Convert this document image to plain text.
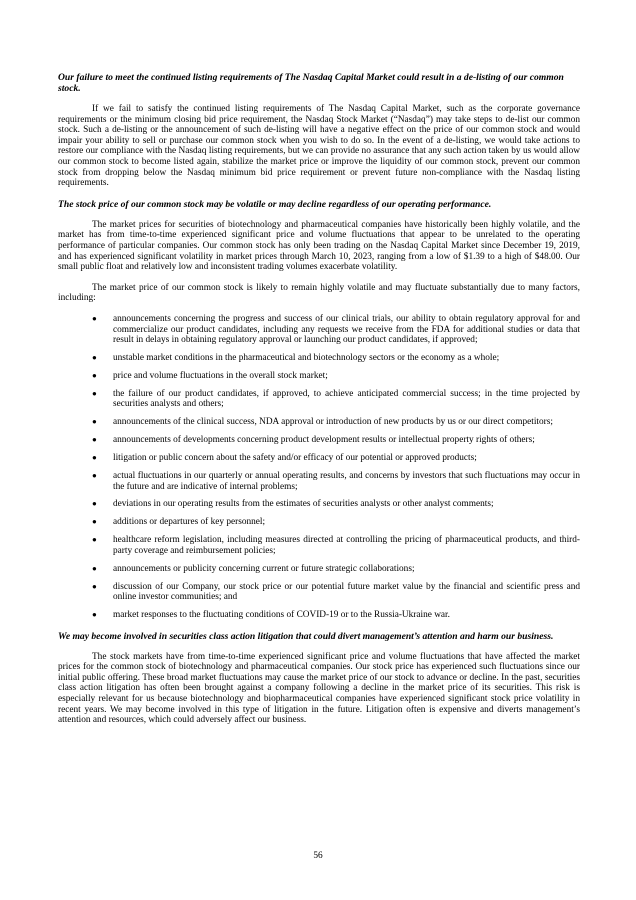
Our failure to meet the continued listing requirements of The Nasdaq Capital Market could result in a de-listing of our common stock.

If we fail to satisfy the continued listing requirements of The Nasdaq Capital Market, such as the corporate governance requirements or the minimum closing bid price requirement, the Nasdaq Stock Market (“Nasdaq”) may take steps to de-list our common stock. Such a de-listing or the announcement of such de-listing will have a negative effect on the price of our common stock and would impair your ability to sell or purchase our common stock when you wish to do so. In the event of a de-listing, we would take actions to restore our compliance with the Nasdaq listing requirements, but we can provide no assurance that any such action taken by us would allow our common stock to become listed again, stabilize the market price or improve the liquidity of our common stock, prevent our common stock from dropping below the Nasdaq minimum bid price requirement or prevent future non-compliance with the Nasdaq listing requirements.

The stock price of our common stock may be volatile or may decline regardless of our operating performance.

The market prices for securities of biotechnology and pharmaceutical companies have historically been highly volatile, and the market has from time-to-time experienced significant price and volume fluctuations that appear to be unrelated to the operating performance of particular companies. Our common stock has only been trading on the Nasdaq Capital Market since December 19, 2019, and has experienced significant volatility in market prices through March 10, 2023, ranging from a low of $1.39 to a high of $48.00. Our small public float and relatively low and inconsistent trading volumes exacerbate volatility.

The market price of our common stock is likely to remain highly volatile and may fluctuate substantially due to many factors, including:

● announcements concerning the progress and success of our clinical trials, our ability to obtain regulatory approval for and commercialize our product candidates, including any requests we receive from the FDA for additional studies or data that result in delays in obtaining regulatory approval or launching our product candidates, if approved;
● unstable market conditions in the pharmaceutical and biotechnology sectors or the economy as a whole;
● price and volume fluctuations in the overall stock market;
● the failure of our product candidates, if approved, to achieve anticipated commercial success; in the time projected by securities analysts and others;
● announcements of the clinical success, NDA approval or introduction of new products by us or our direct competitors;
● announcements of developments concerning product development results or intellectual property rights of others;
● litigation or public concern about the safety and/or efficacy of our potential or approved products;
● actual fluctuations in our quarterly or annual operating results, and concerns by investors that such fluctuations may occur in the future and are indicative of internal problems;
● deviations in our operating results from the estimates of securities analysts or other analyst comments;
● additions or departures of key personnel;
● healthcare reform legislation, including measures directed at controlling the pricing of pharmaceutical products, and third-party coverage and reimbursement policies;
● announcements or publicity concerning current or future strategic collaborations;
● discussion of our Company, our stock price or our potential future market value by the financial and scientific press and online investor communities; and
● market responses to the fluctuating conditions of COVID-19 or to the Russia-Ukraine war.
We may become involved in securities class action litigation that could divert management’s attention and harm our business.

The stock markets have from time-to-time experienced significant price and volume fluctuations that have affected the market prices for the common stock of biotechnology and pharmaceutical companies. Our stock price has experienced such fluctuations since our initial public offering. These broad market fluctuations may cause the market price of our stock to advance or decline. In the past, securities class action litigation has often been brought against a company following a decline in the market price of its securities. This risk is especially relevant for us because biotechnology and biopharmaceutical companies have experienced significant stock price volatility in recent years. We may become involved in this type of litigation in the future. Litigation often is expensive and diverts management’s attention and resources, which could adversely affect our business.

56
